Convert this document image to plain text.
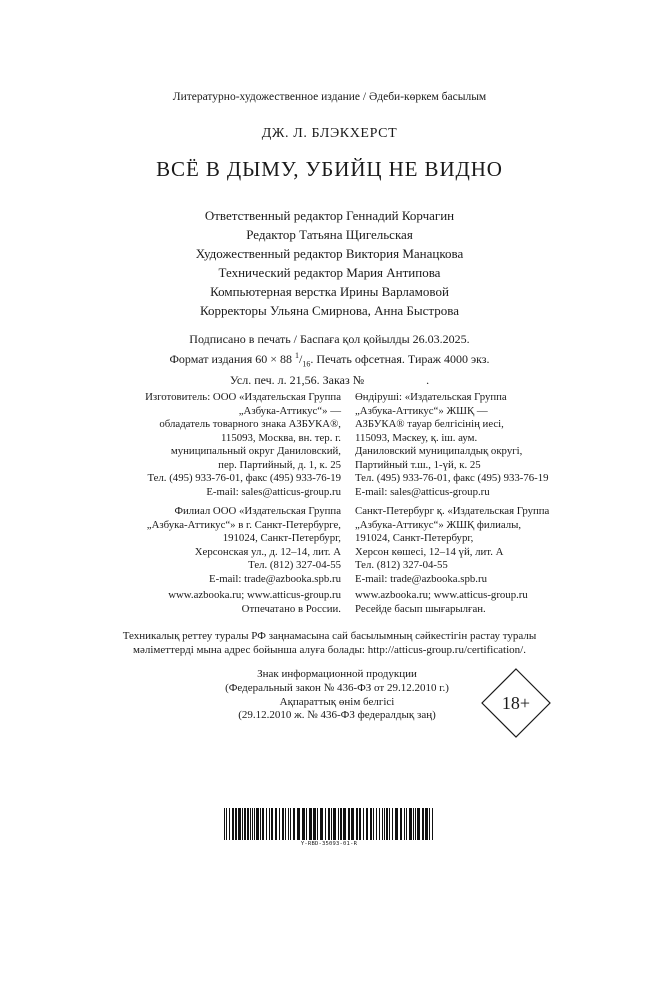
Литературно-художественное издание / Әдеби-көркем басылым
ДЖ. Л. БЛЭКХЕРСТ
ВСЁ В ДЫМУ, УБИЙЦ НЕ ВИДНО
Ответственный редактор Геннадий Корчагин
Редактор Татьяна Щигельская
Художественный редактор Виктория Манацкова
Технический редактор Мария Антипова
Компьютерная верстка Ирины Варламовой
Корректоры Ульяна Смирнова, Анна Быстрова
Подписано в печать / Баспаға қол қойылды 26.03.2025.
Формат издания 60 × 88 $^1/_{16}$. Печать офсетная. Тираж 4000 экз.
Усл. печ. л. 21,56. Заказ №	.
Изготовитель: ООО «Издательская Группа
„Азбука-Аттикус“» —
обладатель товарного знака АЗБУКА®,
115093, Москва, вн. тер. г.
муниципальный округ Даниловский,
пер. Партийный, д. 1, к. 25
Тел. (495) 933-76-01, факс (495) 933-76-19
E-mail: sales@atticus-group.ru
Өндіруші: «Издательская Группа
„Азбука-Аттикус“» ЖШҚ —
АЗБУКА® тауар белгісінің иесі,
115093, Мәскеу, қ. іш. аум.
Даниловский муниципалдық округі,
Партийный т.ш., 1-үй, к. 25
Тел. (495) 933-76-01, факс (495) 933-76-19
E-mail: sales@atticus-group.ru
Филиал ООО «Издательская Группа
„Азбука-Аттикус“» в г. Санкт-Петербурге,
191024, Санкт-Петербург,
Херсонская ул., д. 12–14, лит. А
Тел. (812) 327-04-55
E-mail: trade@azbooka.spb.ru
Санкт-Петербург қ. «Издательская Группа
„Азбука-Аттикус“» ЖШҚ филиалы,
191024, Санкт-Петербург,
Херсон көшесі, 12–14 үй, лит. А
Тел. (812) 327-04-55
E-mail: trade@azbooka.spb.ru
www.azbooka.ru; www.atticus-group.ru
Отпечатано в России.
www.azbooka.ru; www.atticus-group.ru
Ресейде басып шығарылған.
Техникалық реттеу туралы РФ заңнамасына сай басылымның сәйкестігін растау туралы
мәліметтерді мына адрес бойынша алуға болады: http://atticus-group.ru/certification/.
Знак информационной продукции
(Федеральный закон № 436-ФЗ от 29.12.2010 г.)
Ақпараттық өнім белгісі
(29.12.2010 ж. № 436-ФЗ федералдық заң)
18+
Y-RBD-35093-01-R
